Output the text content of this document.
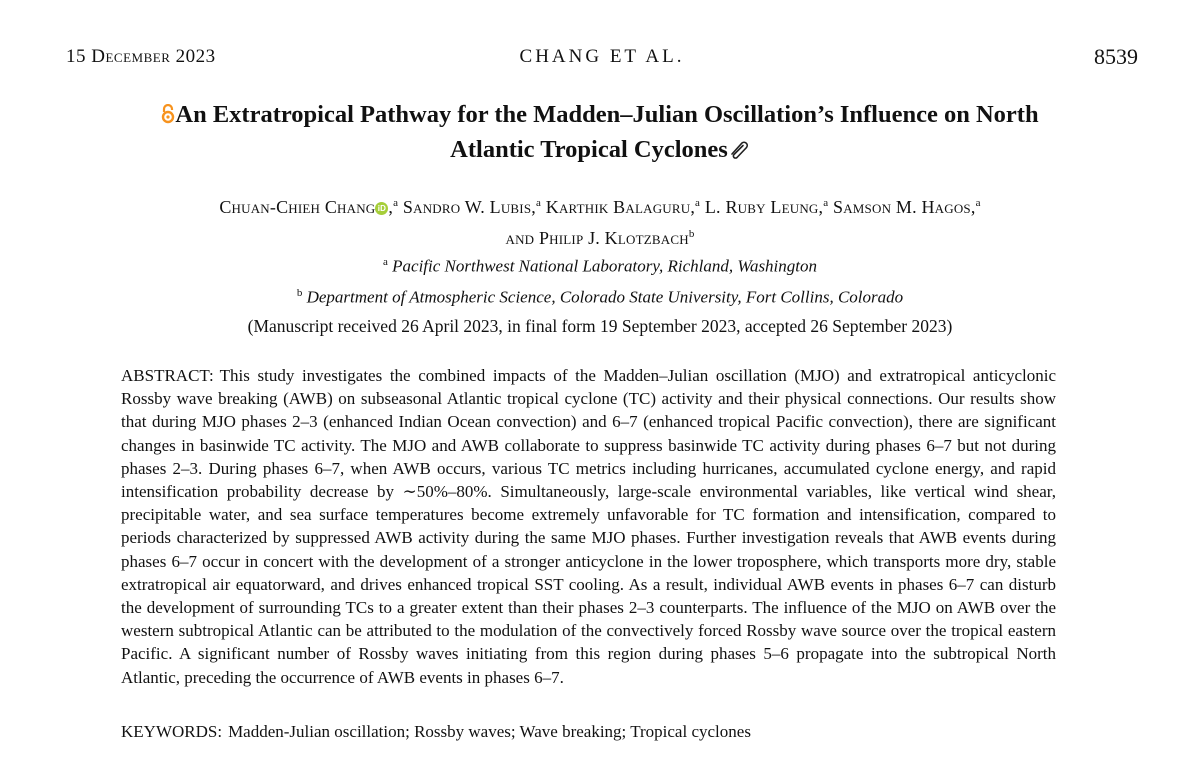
15 December 2023	CHANG ET AL.	8539
An Extratropical Pathway for the Madden–Julian Oscillation’s Influence on North
Atlantic Tropical Cyclones
Chuan-Chieh Chang iD ,$^a$ Sandro W. Lubis,$^a$ Karthik Balaguru,$^a$ L. Ruby Leung,$^a$ Samson M. Hagos,$^a$
and Philip J. Klotzbach$^b$
$^a$ Pacific Northwest National Laboratory, Richland, Washington
$^b$ Department of Atmospheric Science, Colorado State University, Fort Collins, Colorado
(Manuscript received 26 April 2023, in final form 19 September 2023, accepted 26 September 2023)
ABSTRACT: This study investigates the combined impacts of the Madden–Julian oscillation (MJO) and extratropical anticyclonic Rossby wave breaking (AWB) on subseasonal Atlantic tropical cyclone (TC) activity and their physical connections. Our results show that during MJO phases 2–3 (enhanced Indian Ocean convection) and 6–7 (enhanced tropical Pacific convection), there are significant changes in basinwide TC activity. The MJO and AWB collaborate to suppress basinwide TC activity during phases 6–7 but not during phases 2–3. During phases 6–7, when AWB occurs, various TC metrics including hurricanes, accumulated cyclone energy, and rapid intensification probability decrease by ∼50%–80%. Simultaneously, large-scale environmental variables, like vertical wind shear, precipitable water, and sea surface temperatures become extremely unfavorable for TC formation and intensification, compared to periods characterized by suppressed AWB activity during the same MJO phases. Further investigation reveals that AWB events during phases 6–7 occur in concert with the development of a stronger anticyclone in the lower troposphere, which transports more dry, stable extratropical air equatorward, and drives enhanced tropical SST cooling. As a result, individual AWB events in phases 6–7 can disturb the development of surrounding TCs to a greater extent than their phases 2–3 counterparts. The influence of the MJO on AWB over the western subtropical Atlantic can be attributed to the modulation of the convectively forced Rossby wave source over the tropical eastern Pacific. A significant number of Rossby waves initiating from this region during phases 5–6 propagate into the subtropical North Atlantic, preceding the occurrence of AWB events in phases 6–7.
KEYWORDS: Madden-Julian oscillation; Rossby waves; Wave breaking; Tropical cyclones
